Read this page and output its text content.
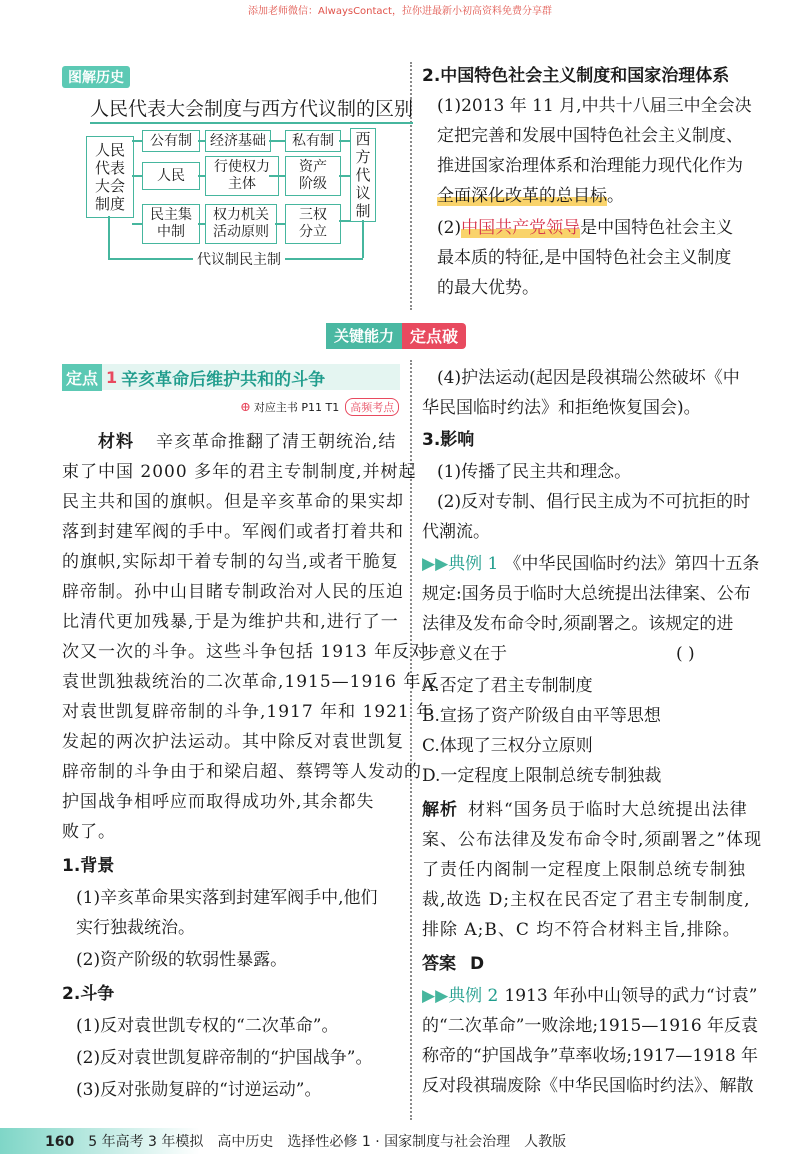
添加老师微信：AlwaysContact，拉你进最新小初高资料免费分享群
图解历史
人民代表大会制度与西方代议制的区别
人民代表大会制度
西方代议制
公有制	经济基础	私有制
人民
行使权力主体
资产阶级
民主集中制
权力机关活动原则
三权分立
代议制民主制
2.中国特色社会主义制度和国家治理体系
(1)2013 年 11 月,中共十八届三中全会决
定把完善和发展中国特色社会主义制度、
推进国家治理体系和治理能力现代化作为
全面深化改革的总目标。
(2)中国共产党领导是中国特色社会主义
最本质的特征,是中国特色社会主义制度
的最大优势。
关键能力	定点破
定点 1 辛亥革命后维护共和的斗争
⊕ 对应主书 P11 T1	高频考点
材料 辛亥革命推翻了清王朝统治,结
束了中国 2000 多年的君主专制制度,并树起
民主共和国的旗帜。但是辛亥革命的果实却
落到封建军阀的手中。军阀们或者打着共和
的旗帜,实际却干着专制的勾当,或者干脆复
辟帝制。孙中山目睹专制政治对人民的压迫
比清代更加残暴,于是为维护共和,进行了一
次又一次的斗争。这些斗争包括 1913 年反对
袁世凯独裁统治的二次革命,1915—1916 年反
对袁世凯复辟帝制的斗争,1917 年和 1921 年
发起的两次护法运动。其中除反对袁世凯复
辟帝制的斗争由于和梁启超、蔡锷等人发动的
护国战争相呼应而取得成功外,其余都失
败了。
1.背景
(1)辛亥革命果实落到封建军阀手中,他们
实行独裁统治。
(2)资产阶级的软弱性暴露。
2.斗争
(1)反对袁世凯专权的“二次革命”。
(2)反对袁世凯复辟帝制的“护国战争”。
(3)反对张勋复辟的“讨逆运动”。
(4)护法运动(起因是段祺瑞公然破坏《中
华民国临时约法》和拒绝恢复国会)。
3.影响
(1)传播了民主共和理念。
(2)反对专制、倡行民主成为不可抗拒的时
代潮流。
▶▶典例 1 《中华民国临时约法》第四十五条
规定:国务员于临时大总统提出法律案、公布
法律及发布命令时,须副署之。该规定的进
步意义在于	( )
A.否定了君主专制制度
B.宣扬了资产阶级自由平等思想
C.体现了三权分立原则
D.一定程度上限制总统专制独裁
解析 材料“国务员于临时大总统提出法律
案、公布法律及发布命令时,须副署之”体现
了责任内阁制一定程度上限制总统专制独
裁,故选 D;主权在民否定了君主专制制度,
排除 A;B、C 均不符合材料主旨,排除。
答案 D
▶▶典例 2 1913 年孙中山领导的武力“讨袁”
的“二次革命”一败涂地;1915—1916 年反袁
称帝的“护国战争”草率收场;1917—1918 年
反对段祺瑞废除《中华民国临时约法》、解散
160 5 年高考 3 年模拟　高中历史　选择性必修 1 · 国家制度与社会治理　人教版
